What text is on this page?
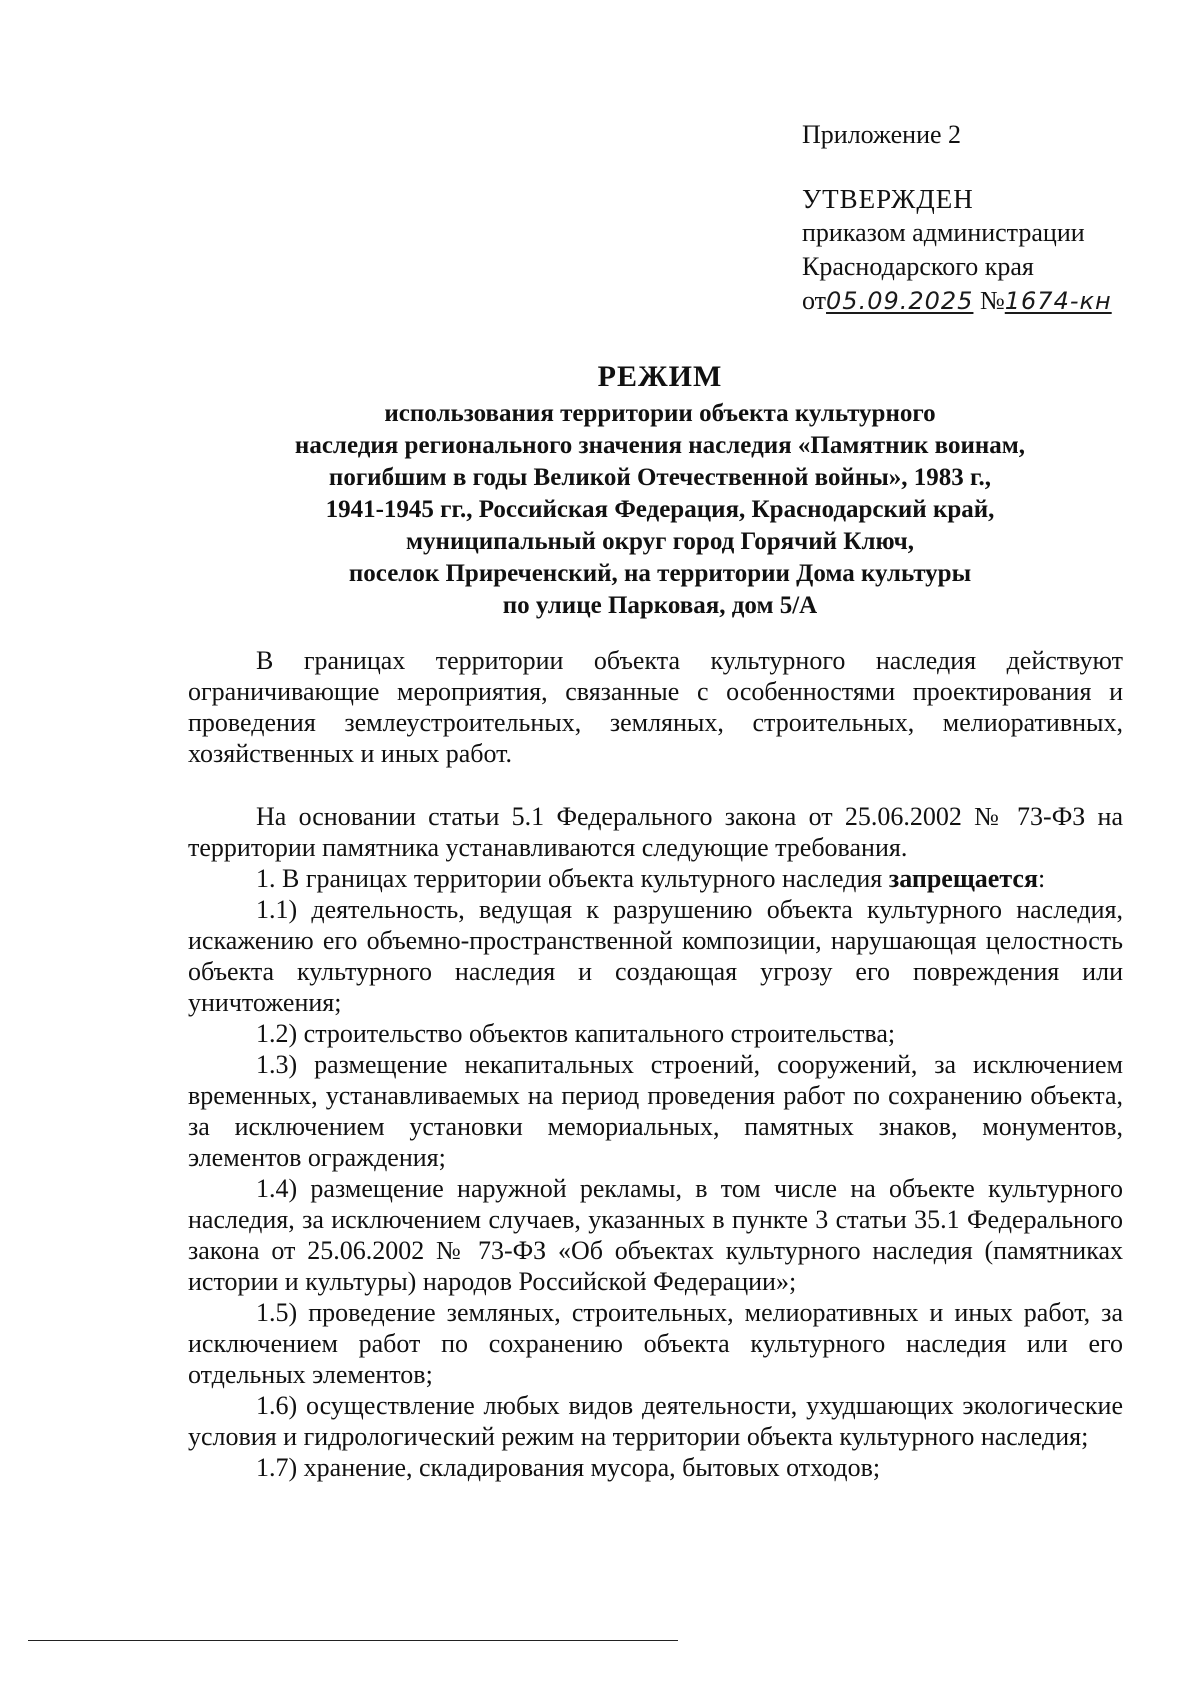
Приложение 2
УТВЕРЖДЕН
приказом администрации
Краснодарского края
от05.09.2025 №1674-кн
РЕЖИМ
использования территории объекта культурного
наследия регионального значения наследия «Памятник воинам,
погибшим в годы Великой Отечественной войны», 1983 г.,
1941-1945 гг., Российская Федерация, Краснодарский край,
муниципальный округ город Горячий Ключ,
поселок Приреченский, на территории Дома культуры
по улице Парковая, дом 5/А

В границах территории объекта культурного наследия действуют ограничивающие мероприятия, связанные с особенностями проектирования и проведения землеустроительных, земляных, строительных, мелиоративных, хозяйственных и иных работ.

На основании статьи 5.1 Федерального закона от 25.06.2002 № 73-ФЗ на территории памятника устанавливаются следующие требования.

1. В границах территории объекта культурного наследия запрещается:

1.1) деятельность, ведущая к разрушению объекта культурного наследия, искажению его объемно-пространственной композиции, нарушающая целостность объекта культурного наследия и создающая угрозу его повреждения или уничтожения;

1.2) строительство объектов капитального строительства;

1.3) размещение некапитальных строений, сооружений, за исключением временных, устанавливаемых на период проведения работ по сохранению объекта, за исключением установки мемориальных, памятных знаков, монументов, элементов ограждения;

1.4) размещение наружной рекламы, в том числе на объекте культурного наследия, за исключением случаев, указанных в пункте 3 статьи 35.1 Федерального закона от 25.06.2002 № 73-ФЗ «Об объектах культурного наследия (памятниках истории и культуры) народов Российской Федерации»;

1.5) проведение земляных, строительных, мелиоративных и иных работ, за исключением работ по сохранению объекта культурного наследия или его отдельных элементов;

1.6) осуществление любых видов деятельности, ухудшающих экологические условия и гидрологический режим на территории объекта культурного наследия;

1.7) хранение, складирования мусора, бытовых отходов;
